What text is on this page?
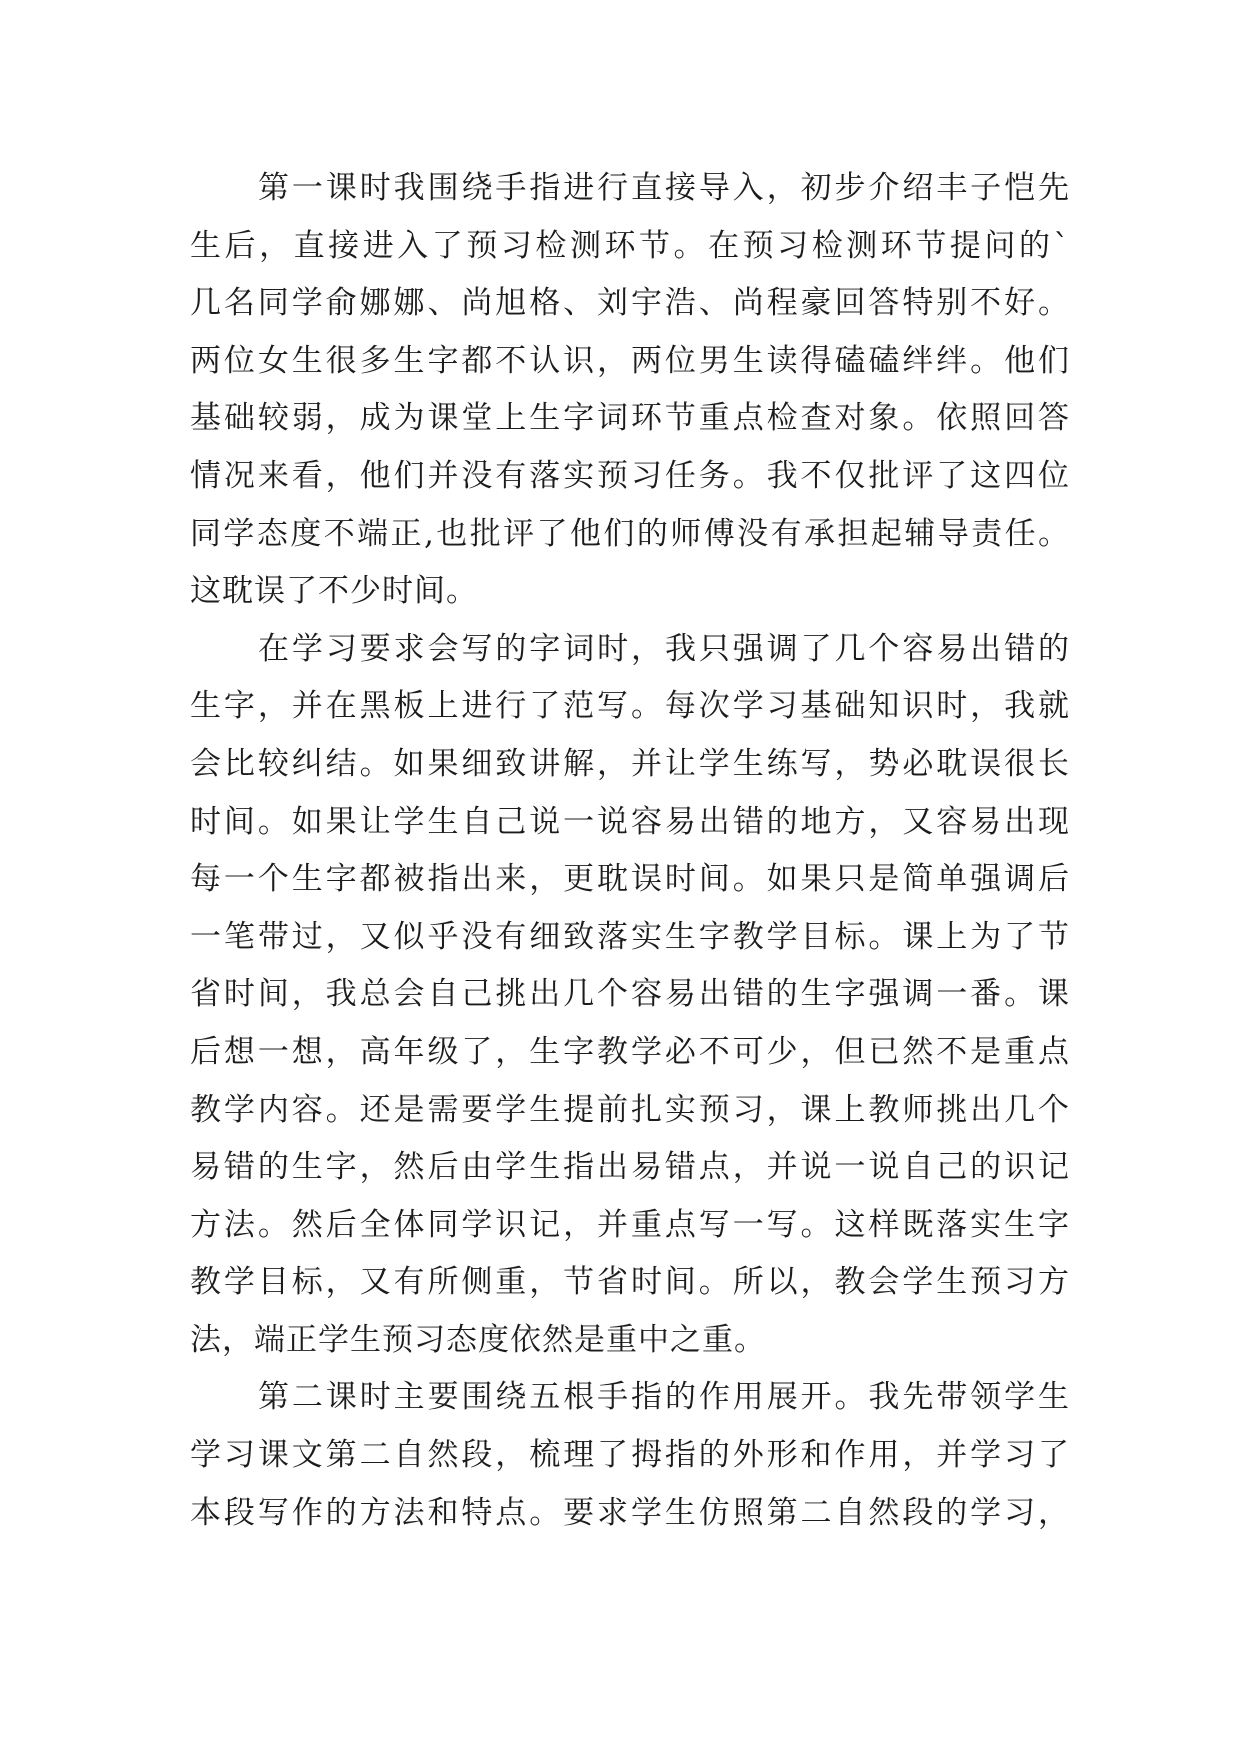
第一课时我围绕手指进行直接导入，初步介绍丰子恺先
生后，直接进入了预习检测环节。在预习检测环节提问的`
几名同学俞娜娜、尚旭格、刘宇浩、尚程豪回答特别不好。
两位女生很多生字都不认识，两位男生读得磕磕绊绊。他们
基础较弱，成为课堂上生字词环节重点检查对象。依照回答
情况来看，他们并没有落实预习任务。我不仅批评了这四位
同学态度不端正,也批评了他们的师傅没有承担起辅导责任。
这耽误了不少时间。
在学习要求会写的字词时，我只强调了几个容易出错的
生字，并在黑板上进行了范写。每次学习基础知识时，我就
会比较纠结。如果细致讲解，并让学生练写，势必耽误很长
时间。如果让学生自己说一说容易出错的地方，又容易出现
每一个生字都被指出来，更耽误时间。如果只是简单强调后
一笔带过，又似乎没有细致落实生字教学目标。课上为了节
省时间，我总会自己挑出几个容易出错的生字强调一番。课
后想一想，高年级了，生字教学必不可少，但已然不是重点
教学内容。还是需要学生提前扎实预习，课上教师挑出几个
易错的生字，然后由学生指出易错点，并说一说自己的识记
方法。然后全体同学识记，并重点写一写。这样既落实生字
教学目标，又有所侧重，节省时间。所以，教会学生预习方
法，端正学生预习态度依然是重中之重。
第二课时主要围绕五根手指的作用展开。我先带领学生
学习课文第二自然段，梳理了拇指的外形和作用，并学习了
本段写作的方法和特点。要求学生仿照第二自然段的学习，
